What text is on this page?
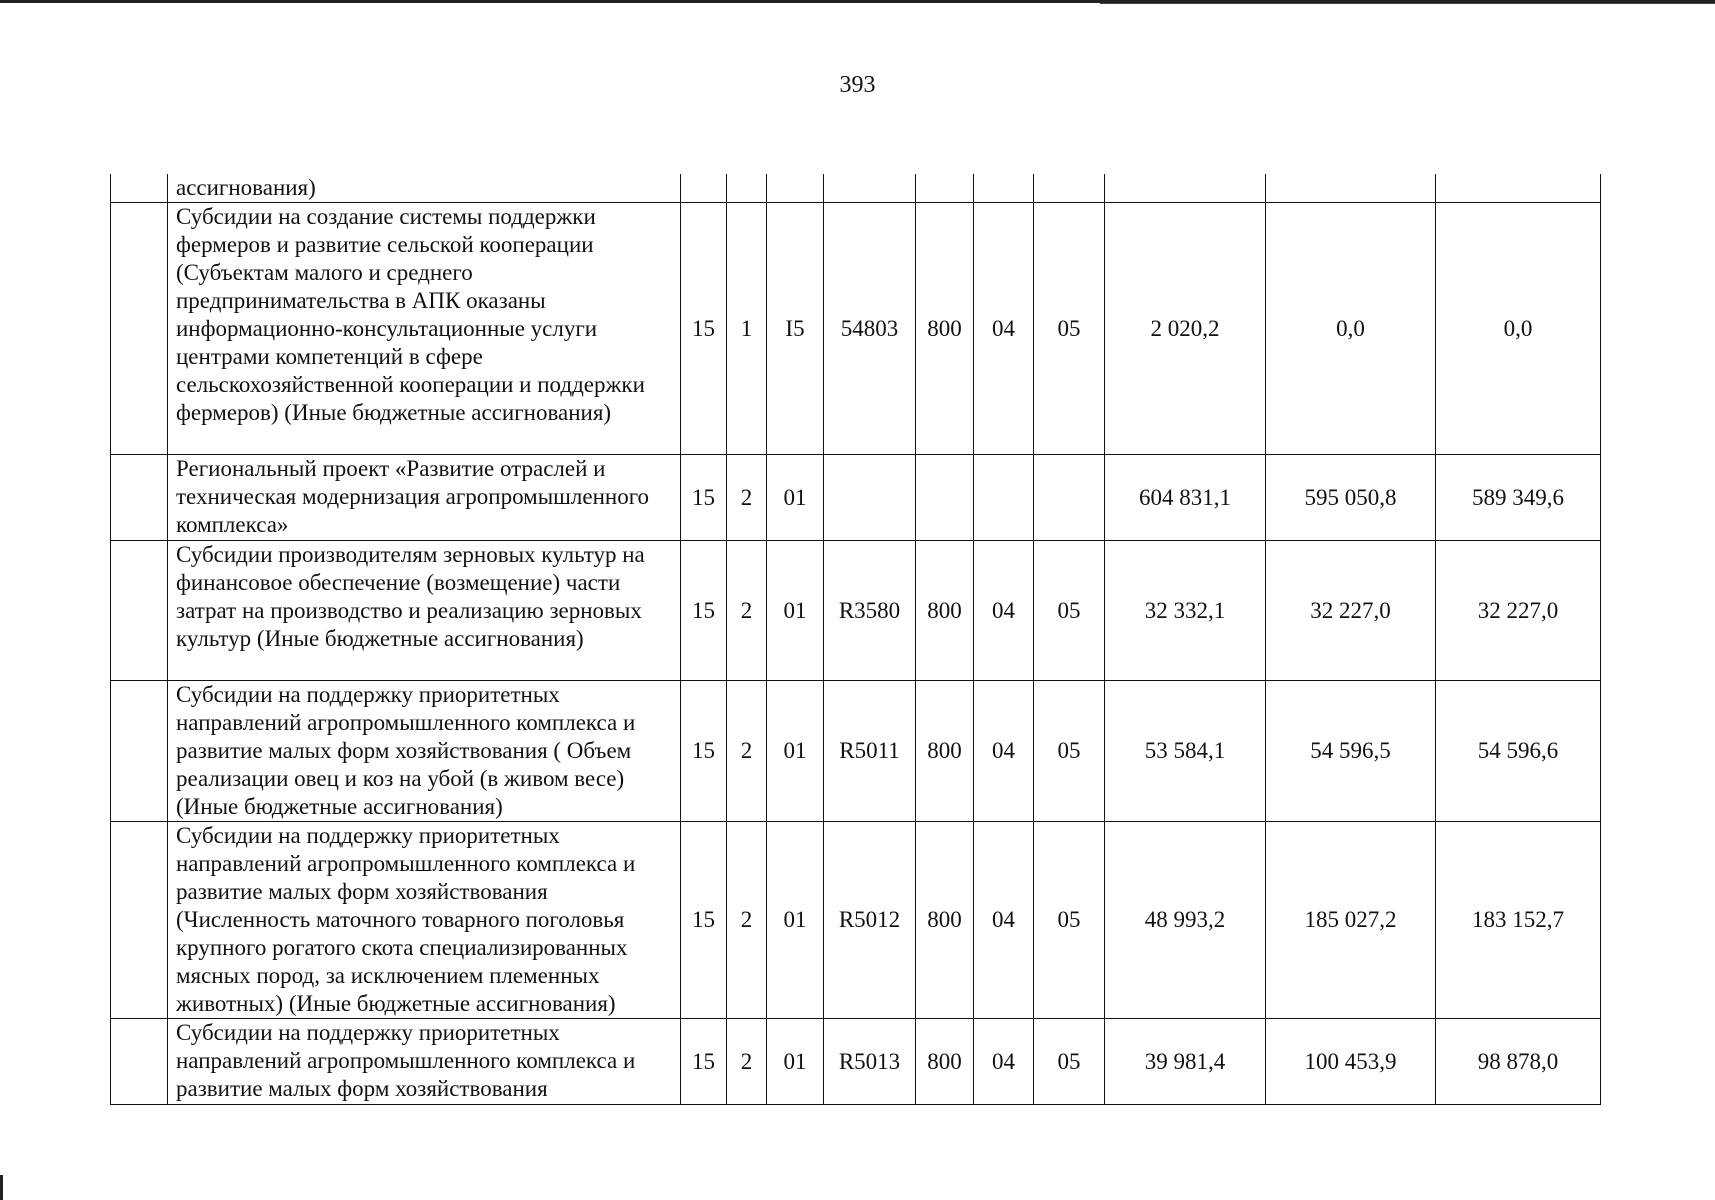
393
	ассигнования)										
	Субсидии на создание системы поддержки фермеров и развитие сельской кооперации (Субъектам малого и среднего предпринимательства в АПК оказаны информационно-консультационные услуги центрами компетенций в сфере сельскохозяйственной кооперации и поддержки фермеров) (Иные бюджетные ассигнования)	15	1	I5	54803	800	04	05	2 020,2	0,0	0,0
	Региональный проект «Развитие отраслей и техническая модернизация агропромышленного комплекса»	15	2	01					604 831,1	595 050,8	589 349,6
	Субсидии производителям зерновых культур на финансовое обеспечение (возмещение) части затрат на производство и реализацию зерновых культур (Иные бюджетные ассигнования)	15	2	01	R3580	800	04	05	32 332,1	32 227,0	32 227,0
	Субсидии на поддержку приоритетных направлений агропромышленного комплекса и развитие малых форм хозяйствования ( Объем реализации овец и коз на убой (в живом весе) (Иные бюджетные ассигнования)	15	2	01	R5011	800	04	05	53 584,1	54 596,5	54 596,6
	Субсидии на поддержку приоритетных направлений агропромышленного комплекса и развитие малых форм хозяйствования (Численность маточного товарного поголовья крупного рогатого скота специализированных мясных пород, за исключением племенных животных) (Иные бюджетные ассигнования)	15	2	01	R5012	800	04	05	48 993,2	185 027,2	183 152,7
	Субсидии на поддержку приоритетных направлений агропромышленного комплекса и развитие малых форм хозяйствования	15	2	01	R5013	800	04	05	39 981,4	100 453,9	98 878,0
